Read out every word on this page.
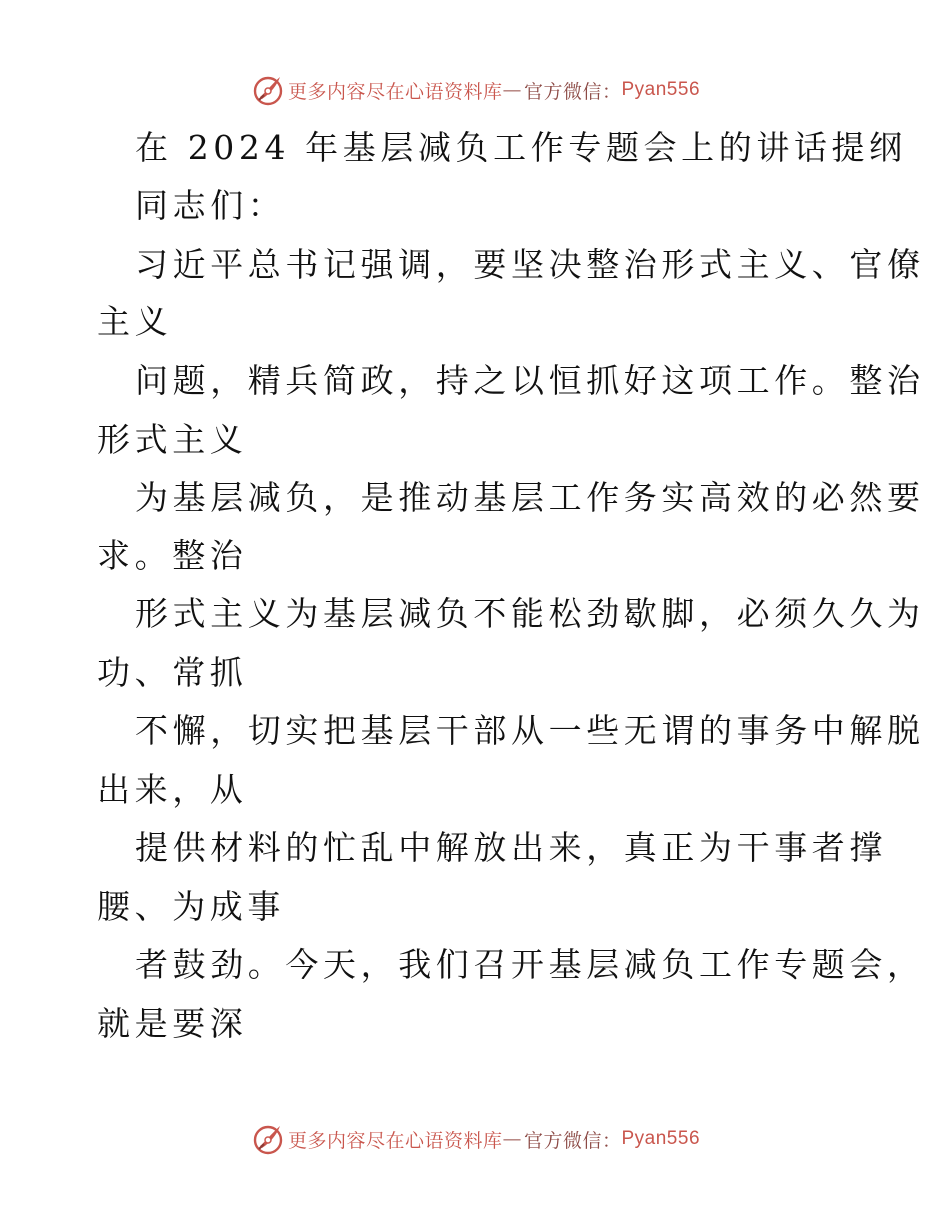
更多内容尽在心语资料库 — 官方微信： Pyan556
在 2024 年基层减负工作专题会上的讲话提纲
同志们：
习近平总书记强调，要坚决整治形式主义、官僚
主义
问题，精兵简政，持之以恒抓好这项工作。整治
形式主义
为基层减负，是推动基层工作务实高效的必然要
求。整治
形式主义为基层减负不能松劲歇脚，必须久久为
功、常抓
不懈，切实把基层干部从一些无谓的事务中解脱
出来，从
提供材料的忙乱中解放出来，真正为干事者撑
腰、为成事
者鼓劲。今天，我们召开基层减负工作专题会，
就是要深
更多内容尽在心语资料库 — 官方微信： Pyan556
